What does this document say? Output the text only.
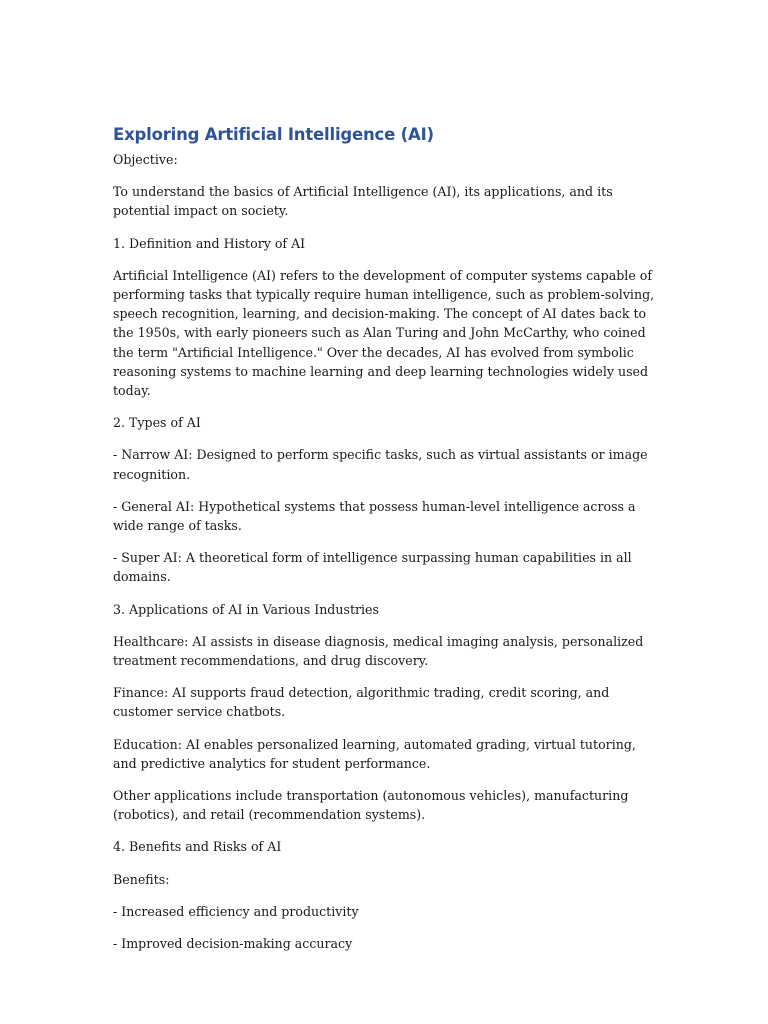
Exploring Artificial Intelligence (AI)
Objective:
To understand the basics of Artificial Intelligence (AI), its applications, and its potential impact on society.
1. Definition and History of AI
Artificial Intelligence (AI) refers to the development of computer systems capable of performing tasks that typically require human intelligence, such as problem-solving, speech recognition, learning, and decision-making. The concept of AI dates back to the 1950s, with early pioneers such as Alan Turing and John McCarthy, who coined the term "Artificial Intelligence." Over the decades, AI has evolved from symbolic reasoning systems to machine learning and deep learning technologies widely used today.
2. Types of AI
- Narrow AI: Designed to perform specific tasks, such as virtual assistants or image recognition.
- General AI: Hypothetical systems that possess human-level intelligence across a wide range of tasks.
- Super AI: A theoretical form of intelligence surpassing human capabilities in all domains.
3. Applications of AI in Various Industries
Healthcare: AI assists in disease diagnosis, medical imaging analysis, personalized treatment recommendations, and drug discovery.
Finance: AI supports fraud detection, algorithmic trading, credit scoring, and customer service chatbots.
Education: AI enables personalized learning, automated grading, virtual tutoring, and predictive analytics for student performance.
Other applications include transportation (autonomous vehicles), manufacturing (robotics), and retail (recommendation systems).
4. Benefits and Risks of AI
Benefits:
- Increased efficiency and productivity
- Improved decision-making accuracy
